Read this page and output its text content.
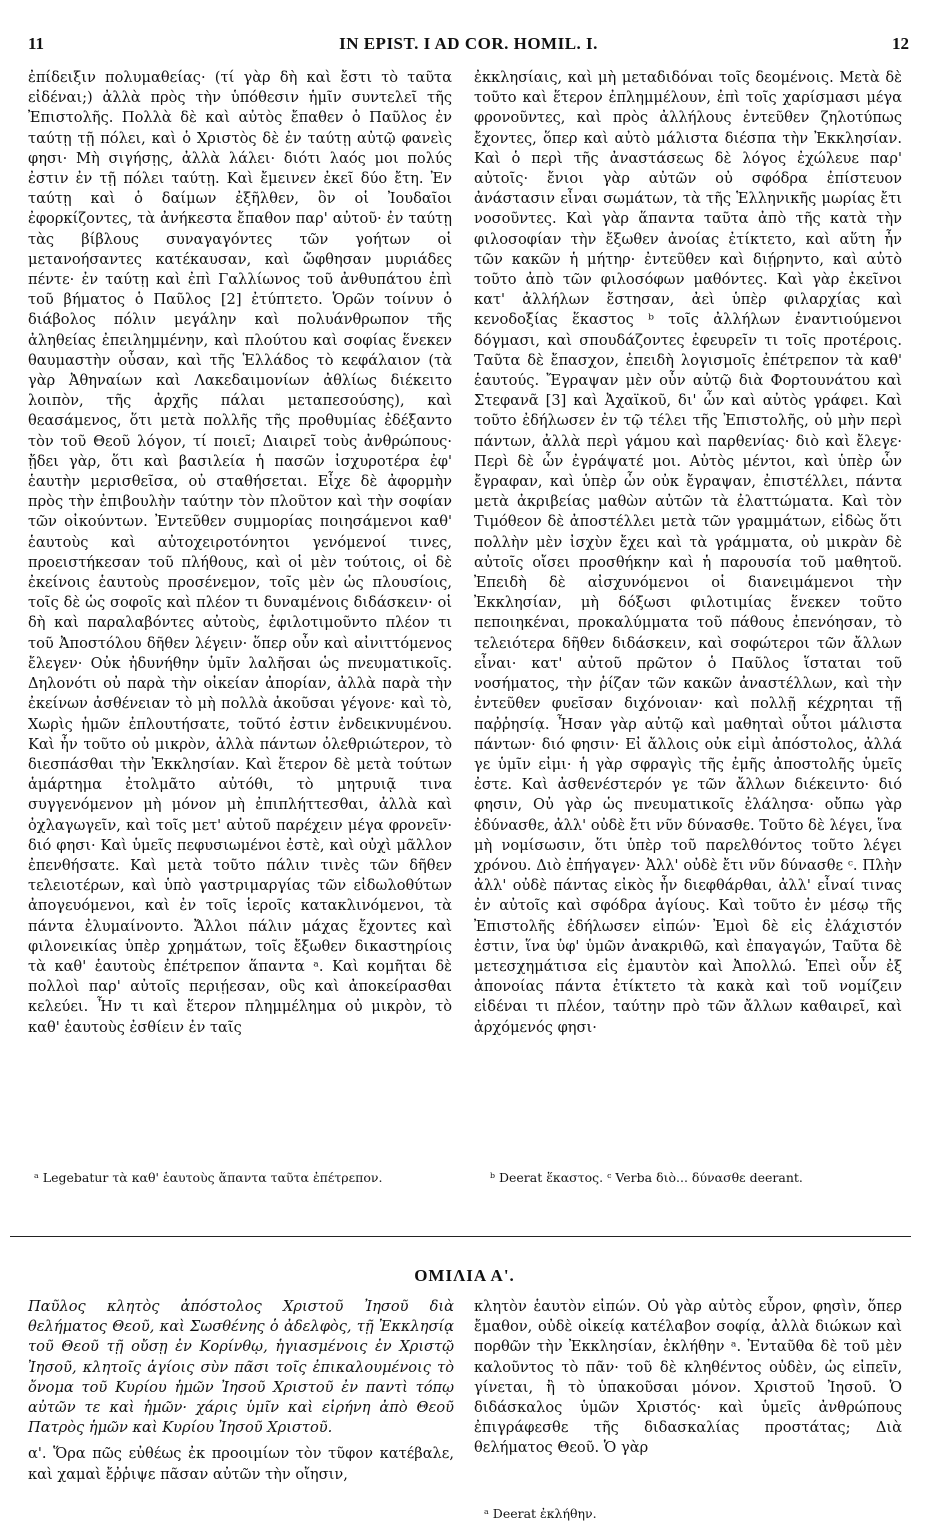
11	IN EPIST. I AD COR. HOMIL. I.	12

ἐπίδειξιν πολυμαθείας· (τί γὰρ δὴ καὶ ἔστι τὸ ταῦτα εἰδέναι;) ἀλλὰ πρὸς τὴν ὑπόθεσιν ἡμῖν συντελεῖ τῆς Ἐπιστολῆς. Πολλὰ δὲ καὶ αὐτὸς ἔπαθεν ὁ Παῦλος ἐν ταύτῃ τῇ πόλει, καὶ ὁ Χριστὸς δὲ ἐν ταύτῃ αὐτῷ φανεὶς φησι· Μὴ σιγήσῃς, ἀλλὰ λάλει· διότι λαός μοι πολύς ἐστιν ἐν τῇ πόλει ταύτῃ. Καὶ ἔμεινεν ἐκεῖ δύο ἔτη. Ἐν ταύτῃ καὶ ὁ δαίμων ἐξῆλθεν, ὃν οἱ Ἰουδαῖοι ἐφορκίζοντες, τὰ ἀνήκεστα ἔπαθον παρ' αὐτοῦ· ἐν ταύτῃ τὰς βίβλους συναγαγόντες τῶν γοήτων οἱ μετανοήσαντες κατέκαυσαν, καὶ ὤφθησαν μυριάδες πέντε· ἐν ταύτῃ καὶ ἐπὶ Γαλλίωνος τοῦ ἀνθυπάτου ἐπὶ τοῦ βήματος ὁ Παῦλος [2] ἐτύπτετο. Ὁρῶν τοίνυν ὁ διάβολος πόλιν μεγάλην καὶ πολυάνθρωπον τῆς ἀληθείας ἐπειλημμένην, καὶ πλούτου καὶ σοφίας ἕνεκεν θαυμαστὴν οὖσαν, καὶ τῆς Ἑλλάδος τὸ κεφάλαιον (τὰ γὰρ Ἀθηναίων καὶ Λακεδαιμονίων ἀθλίως διέκειτο λοιπὸν, τῆς ἀρχῆς πάλαι μεταπεσούσης), καὶ θεασάμενος, ὅτι μετὰ πολλῆς τῆς προθυμίας ἐδέξαντο τὸν τοῦ Θεοῦ λόγον, τί ποιεῖ; Διαιρεῖ τοὺς ἀνθρώπους· ᾔδει γὰρ, ὅτι καὶ βασιλεία ἡ πασῶν ἰσχυροτέρα ἐφ' ἑαυτὴν μερισθεῖσα, οὐ σταθήσεται. Εἶχε δὲ ἀφορμὴν πρὸς τὴν ἐπιβουλὴν ταύτην τὸν πλοῦτον καὶ τὴν σοφίαν τῶν οἰκούντων. Ἐντεῦθεν συμμορίας ποιησάμενοι καθ' ἑαυτοὺς καὶ αὐτοχειροτόνητοι γενόμενοί τινες, προειστήκεσαν τοῦ πλήθους, καὶ οἱ μὲν τούτοις, οἱ δὲ ἐκείνοις ἑαυτοὺς προσένεμον, τοῖς μὲν ὡς πλουσίοις, τοῖς δὲ ὡς σοφοῖς καὶ πλέον τι δυναμένοις διδάσκειν· οἱ δὴ καὶ παραλαβόντες αὐτοὺς, ἐφιλοτιμοῦντο πλέον τι τοῦ Ἀποστόλου δῆθεν λέγειν· ὅπερ οὖν καὶ αἰνιττόμενος ἔλεγεν· Οὐκ ἠδυνήθην ὑμῖν λαλῆσαι ὡς πνευματικοῖς. Δηλονότι οὐ παρὰ τὴν οἰκείαν ἀπορίαν, ἀλλὰ παρὰ τὴν ἐκείνων ἀσθένειαν τὸ μὴ πολλὰ ἀκοῦσαι γέγονε· καὶ τὸ, Χωρὶς ἡμῶν ἐπλουτήσατε, τοῦτό ἐστιν ἐνδεικνυμένου. Καὶ ἦν τοῦτο οὐ μικρὸν, ἀλλὰ πάντων ὀλεθριώτερον, τὸ διεσπάσθαι τὴν Ἐκκλησίαν. Καὶ ἕτερον δὲ μετὰ τούτων ἁμάρτημα ἐτολμᾶτο αὐτόθι, τὸ μητρυιᾷ τινα συγγενόμενον μὴ μόνον μὴ ἐπιπλήττεσθαι, ἀλλὰ καὶ ὀχλαγωγεῖν, καὶ τοῖς μετ' αὐτοῦ παρέχειν μέγα φρονεῖν· διό φησι· Καὶ ὑμεῖς πεφυσιωμένοι ἐστὲ, καὶ οὐχὶ μᾶλλον ἐπενθήσατε. Καὶ μετὰ τοῦτο πάλιν τινὲς τῶν δῆθεν τελειοτέρων, καὶ ὑπὸ γαστριμαργίας τῶν εἰδωλοθύτων ἀπογευόμενοι, καὶ ἐν τοῖς ἱεροῖς κατακλινόμενοι, τὰ πάντα ἐλυμαίνοντο. Ἄλλοι πάλιν μάχας ἔχοντες καὶ φιλονεικίας ὑπὲρ χρημάτων, τοῖς ἔξωθεν δικαστηρίοις τὰ καθ' ἑαυτοὺς ἐπέτρεπον ἅπαντα ᵃ. Καὶ κομῆται δὲ πολλοὶ παρ' αὐτοῖς περιῄεσαν, οὓς καὶ ἀποκείρασθαι κελεύει. Ἦν τι καὶ ἕτερον πλημμέλημα οὐ μικρὸν, τὸ καθ' ἑαυτοὺς ἐσθίειν ἐν ταῖς

ἐκκλησίαις, καὶ μὴ μεταδιδόναι τοῖς δεομένοις. Μετὰ δὲ τοῦτο καὶ ἕτερον ἐπλημμέλουν, ἐπὶ τοῖς χαρίσμασι μέγα φρονοῦντες, καὶ πρὸς ἀλλήλους ἐντεῦθεν ζηλοτύπως ἔχοντες, ὅπερ καὶ αὐτὸ μάλιστα διέσπα τὴν Ἐκκλησίαν. Καὶ ὁ περὶ τῆς ἀναστάσεως δὲ λόγος ἐχώλευε παρ' αὐτοῖς· ἔνιοι γὰρ αὐτῶν οὐ σφόδρα ἐπίστευον ἀνάστασιν εἶναι σωμάτων, τὰ τῆς Ἑλληνικῆς μωρίας ἔτι νοσοῦντες. Καὶ γὰρ ἅπαντα ταῦτα ἀπὸ τῆς κατὰ τὴν φιλοσοφίαν τὴν ἔξωθεν ἀνοίας ἐτίκτετο, καὶ αὕτη ἦν τῶν κακῶν ἡ μήτηρ· ἐντεῦθεν καὶ διῄρηντο, καὶ αὐτὸ τοῦτο ἀπὸ τῶν φιλοσόφων μαθόντες. Καὶ γὰρ ἐκεῖνοι κατ' ἀλλήλων ἔστησαν, ἀεὶ ὑπὲρ φιλαρχίας καὶ κενοδοξίας ἕκαστος ᵇ τοῖς ἀλλήλων ἐναντιούμενοι δόγμασι, καὶ σπουδάζοντες ἐφευρεῖν τι τοῖς προτέροις. Ταῦτα δὲ ἔπασχον, ἐπειδὴ λογισμοῖς ἐπέτρεπον τὰ καθ' ἑαυτούς. Ἔγραψαν μὲν οὖν αὐτῷ διὰ Φορτουνάτου καὶ Στεφανᾶ [3] καὶ Ἀχαϊκοῦ, δι' ὧν καὶ αὐτὸς γράφει. Καὶ τοῦτο ἐδήλωσεν ἐν τῷ τέλει τῆς Ἐπιστολῆς, οὐ μὴν περὶ πάντων, ἀλλὰ περὶ γάμου καὶ παρθενίας· διὸ καὶ ἔλεγε· Περὶ δὲ ὧν ἐγράψατέ μοι. Αὐτὸς μέντοι, καὶ ὑπὲρ ὧν ἔγραφαν, καὶ ὑπὲρ ὧν οὐκ ἔγραψαν, ἐπιστέλλει, πάντα μετὰ ἀκριβείας μαθὼν αὐτῶν τὰ ἐλαττώματα. Καὶ τὸν Τιμόθεον δὲ ἀποστέλλει μετὰ τῶν γραμμάτων, εἰδὼς ὅτι πολλὴν μὲν ἰσχὺν ἔχει καὶ τὰ γράμματα, οὐ μικρὰν δὲ αὐτοῖς οἴσει προσθήκην καὶ ἡ παρουσία τοῦ μαθητοῦ. Ἐπειδὴ δὲ αἰσχυνόμενοι οἱ διανειμάμενοι τὴν Ἐκκλησίαν, μὴ δόξωσι φιλοτιμίας ἕνεκεν τοῦτο πεποιηκέναι, προκαλύμματα τοῦ πάθους ἐπενόησαν, τὸ τελειότερα δῆθεν διδάσκειν, καὶ σοφώτεροι τῶν ἄλλων εἶναι· κατ' αὐτοῦ πρῶτον ὁ Παῦλος ἵσταται τοῦ νοσήματος, τὴν ῥίζαν τῶν κακῶν ἀναστέλλων, καὶ τὴν ἐντεῦθεν φυεῖσαν διχόνοιαν· καὶ πολλῇ κέχρηται τῇ παῤῥησίᾳ. Ἦσαν γὰρ αὐτῷ καὶ μαθηταὶ οὗτοι μάλιστα πάντων· διό φησιν· Εἰ ἄλλοις οὐκ εἰμὶ ἀπόστολος, ἀλλά γε ὑμῖν εἰμι· ἡ γὰρ σφραγὶς τῆς ἐμῆς ἀποστολῆς ὑμεῖς ἐστε. Καὶ ἀσθενέστερόν γε τῶν ἄλλων διέκειντο· διό φησιν, Οὐ γὰρ ὡς πνευματικοῖς ἐλάλησα· οὔπω γὰρ ἐδύνασθε, ἀλλ' οὐδὲ ἔτι νῦν δύνασθε. Τοῦτο δὲ λέγει, ἵνα μὴ νομίσωσιν, ὅτι ὑπὲρ τοῦ παρελθόντος τοῦτο λέγει χρόνου. Διὸ ἐπήγαγεν· Ἀλλ' οὐδὲ ἔτι νῦν δύνασθε ᶜ. Πλὴν ἀλλ' οὐδὲ πάντας εἰκὸς ἦν διεφθάρθαι, ἀλλ' εἶναί τινας ἐν αὐτοῖς καὶ σφόδρα ἁγίους. Καὶ τοῦτο ἐν μέσῳ τῆς Ἐπιστολῆς ἐδήλωσεν εἰπών· Ἐμοὶ δὲ εἰς ἐλάχιστόν ἐστιν, ἵνα ὑφ' ὑμῶν ἀνακριθῶ, καὶ ἐπαγαγών, Ταῦτα δὲ μετεσχημάτισα εἰς ἐμαυτὸν καὶ Ἀπολλώ. Ἐπεὶ οὖν ἐξ ἀπονοίας πάντα ἐτίκτετο τὰ κακὰ καὶ τοῦ νομίζειν εἰδέναι τι πλέον, ταύτην πρὸ τῶν ἄλλων καθαιρεῖ, καὶ ἀρχόμενός φησι·

ᵃ Legebatur τὰ καθ' ἑαυτοὺς ἅπαντα ταῦτα ἐπέτρεπον.	ᵇ Deerat ἕκαστος. ᶜ Verba διὸ... δύνασθε deerant.
ΟΜΙΛΙΑ Α'.

Παῦλος κλητὸς ἀπόστολος Χριστοῦ Ἰησοῦ διὰ θελήματος Θεοῦ, καὶ Σωσθένης ὁ ἀδελφὸς, τῇ Ἐκκλησίᾳ τοῦ Θεοῦ τῇ οὔσῃ ἐν Κορίνθῳ, ἡγιασμένοις ἐν Χριστῷ Ἰησοῦ, κλητοῖς ἁγίοις σὺν πᾶσι τοῖς ἐπικαλουμένοις τὸ ὄνομα τοῦ Κυρίου ἡμῶν Ἰησοῦ Χριστοῦ ἐν παντὶ τόπῳ αὐτῶν τε καὶ ἡμῶν· χάρις ὑμῖν καὶ εἰρήνη ἀπὸ Θεοῦ Πατρὸς ἡμῶν καὶ Κυρίου Ἰησοῦ Χριστοῦ.

α'. Ὅρα πῶς εὐθέως ἐκ προοιμίων τὸν τῦφον κατέβαλε, καὶ χαμαὶ ἔῤῥιψε πᾶσαν αὐτῶν τὴν οἴησιν,

κλητὸν ἑαυτὸν εἰπών. Οὐ γὰρ αὐτὸς εὗρον, φησὶν, ὅπερ ἔμαθον, οὐδὲ οἰκείᾳ κατέλαβον σοφίᾳ, ἀλλὰ διώκων καὶ πορθῶν τὴν Ἐκκλησίαν, ἐκλήθην ᵃ. Ἐνταῦθα δὲ τοῦ μὲν καλοῦντος τὸ πᾶν· τοῦ δὲ κληθέντος οὐδὲν, ὡς εἰπεῖν, γίνεται, ἢ τὸ ὑπακοῦσαι μόνον. Χριστοῦ Ἰησοῦ. Ὁ διδάσκαλος ὑμῶν Χριστός· καὶ ὑμεῖς ἀνθρώπους ἐπιγράφεσθε τῆς διδασκαλίας προστάτας; Διὰ θελήματος Θεοῦ. Ὁ γὰρ

ᵃ Deerat ἐκλήθην.
